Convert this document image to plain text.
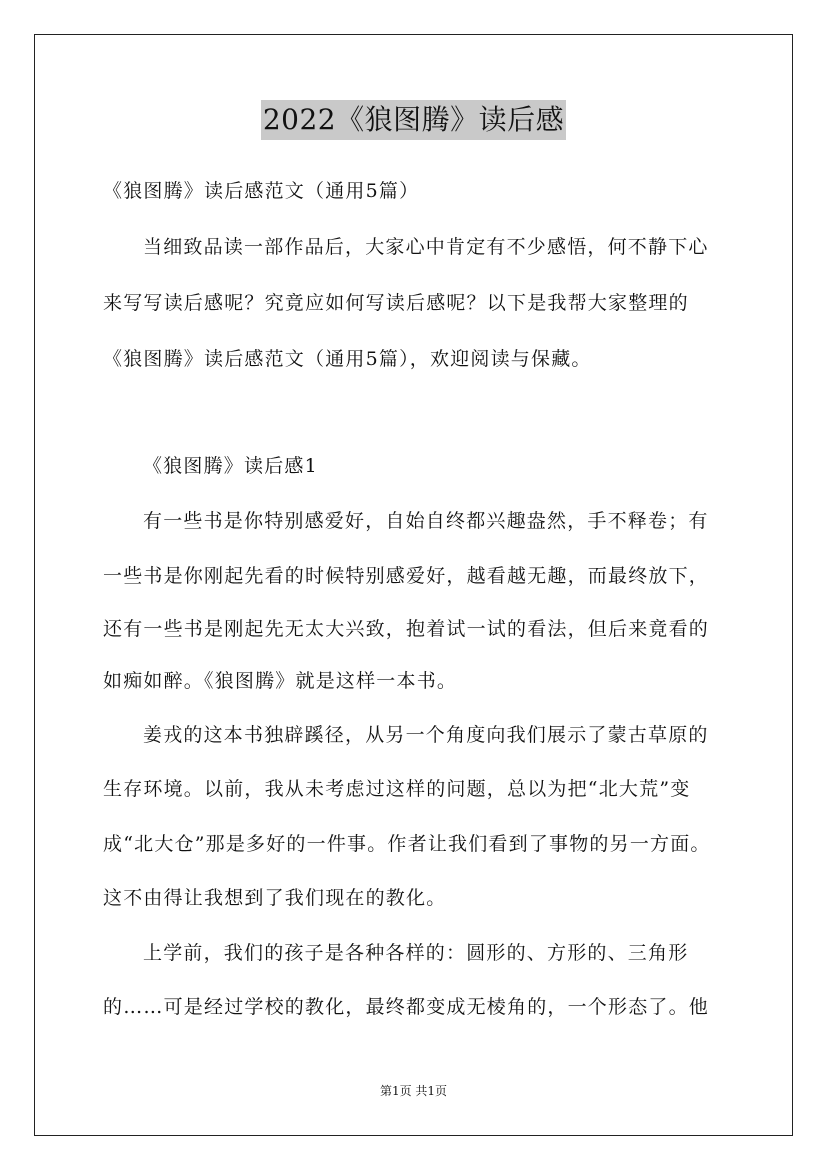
2022《狼图腾》读后感
《狼图腾》读后感范文（通用5篇）
当细致品读一部作品后，大家心中肯定有不少感悟，何不静下心
来写写读后感呢？究竟应如何写读后感呢？以下是我帮大家整理的
《狼图腾》读后感范文（通用5篇），欢迎阅读与保藏。
《狼图腾》读后感1
有一些书是你特别感爱好，自始自终都兴趣盎然，手不释卷；有
一些书是你刚起先看的时候特别感爱好，越看越无趣，而最终放下，
还有一些书是刚起先无太大兴致，抱着试一试的看法，但后来竟看的
如痴如醉。《狼图腾》就是这样一本书。
姜戎的这本书独辟蹊径，从另一个角度向我们展示了蒙古草原的
生存环境。以前，我从未考虑过这样的问题，总以为把“北大荒”变
成“北大仓”那是多好的一件事。作者让我们看到了事物的另一方面。
这不由得让我想到了我们现在的教化。
上学前，我们的孩子是各种各样的：圆形的、方形的、三角形
的……可是经过学校的教化，最终都变成无棱角的，一个形态了。他
第1页 共1页
